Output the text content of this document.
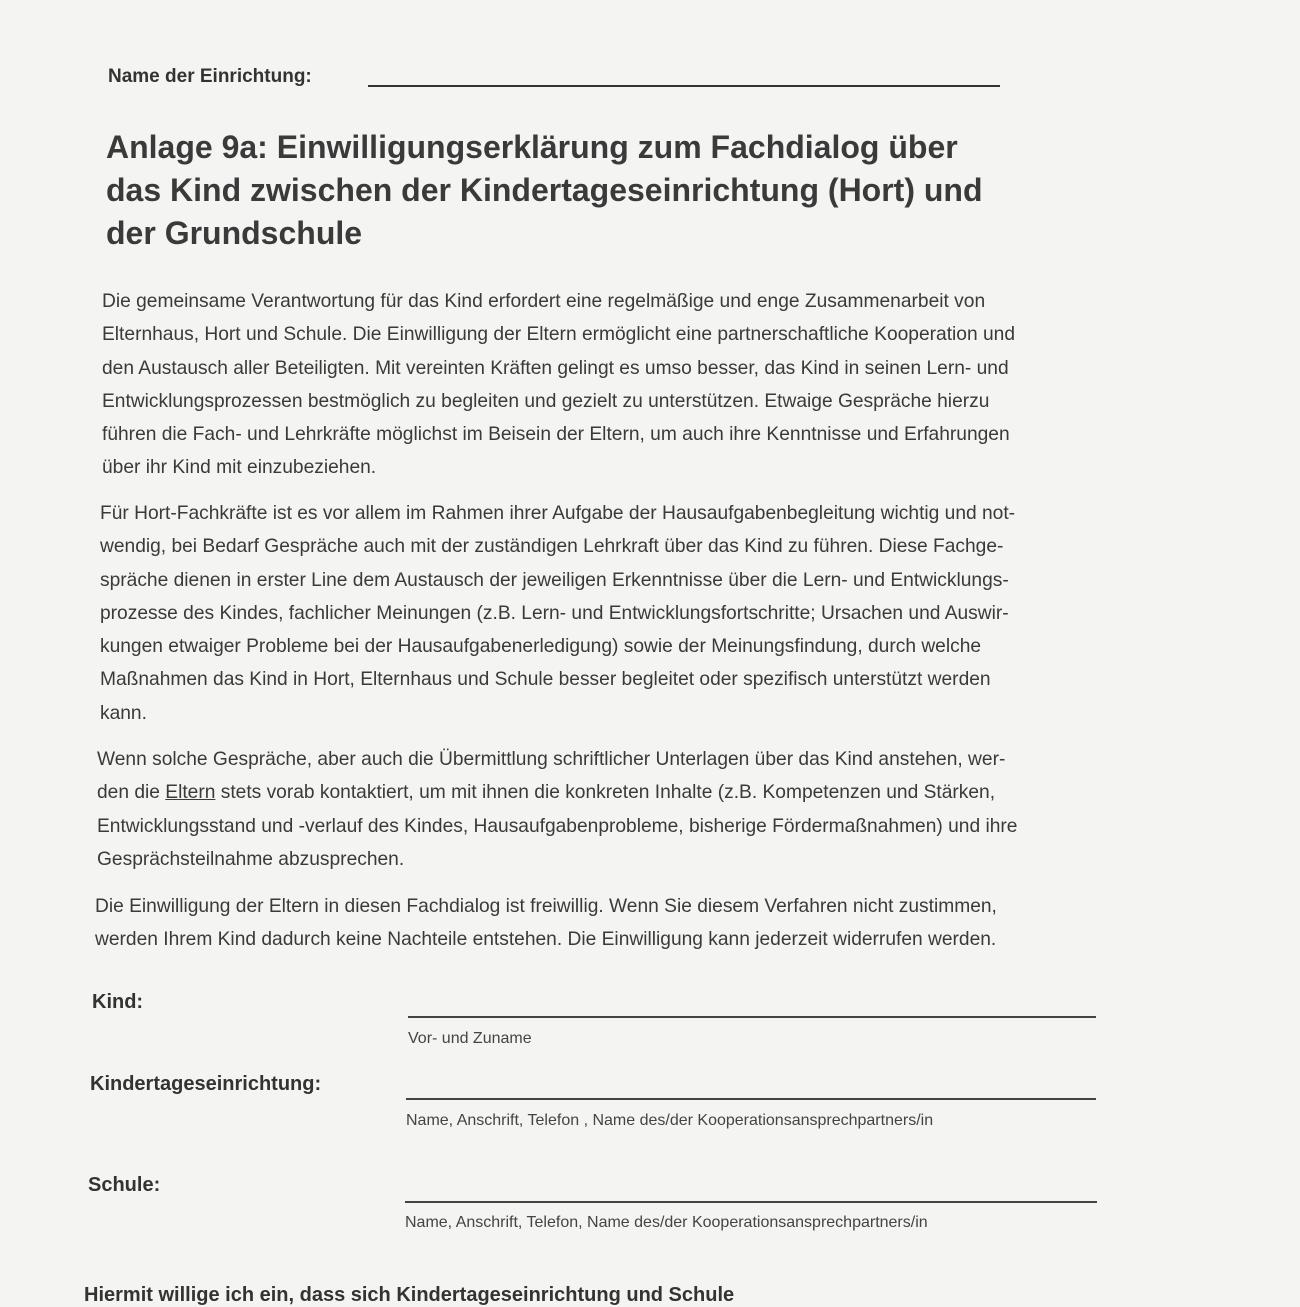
Name der Einrichtung:
Anlage 9a: Einwilligungserklärung zum Fachdialog über
das Kind zwischen der Kindertageseinrichtung (Hort) und
der Grundschule

Die gemeinsame Verantwortung für das Kind erfordert eine regelmäßige und enge Zusammenarbeit von
Elternhaus, Hort und Schule. Die Einwilligung der Eltern ermöglicht eine partnerschaftliche Kooperation und
den Austausch aller Beteiligten. Mit vereinten Kräften gelingt es umso besser, das Kind in seinen Lern- und
Entwicklungsprozessen bestmöglich zu begleiten und gezielt zu unterstützen. Etwaige Gespräche hierzu
führen die Fach- und Lehrkräfte möglichst im Beisein der Eltern, um auch ihre Kenntnisse und Erfahrungen
über ihr Kind mit einzubeziehen.

Für Hort-Fachkräfte ist es vor allem im Rahmen ihrer Aufgabe der Hausaufgabenbegleitung wichtig und not-
wendig, bei Bedarf Gespräche auch mit der zuständigen Lehrkraft über das Kind zu führen. Diese Fachge-
spräche dienen in erster Line dem Austausch der jeweiligen Erkenntnisse über die Lern- und Entwicklungs-
prozesse des Kindes, fachlicher Meinungen (z.B. Lern- und Entwicklungsfortschritte; Ursachen und Auswir-
kungen etwaiger Probleme bei der Hausaufgabenerledigung) sowie der Meinungsfindung, durch welche
Maßnahmen das Kind in Hort, Elternhaus und Schule besser begleitet oder spezifisch unterstützt werden
kann.

Wenn solche Gespräche, aber auch die Übermittlung schriftlicher Unterlagen über das Kind anstehen, wer-
den die Eltern stets vorab kontaktiert, um mit ihnen die konkreten Inhalte (z.B. Kompetenzen und Stärken,
Entwicklungsstand und -verlauf des Kindes, Hausaufgabenprobleme, bisherige Fördermaßnahmen) und ihre
Gesprächsteilnahme abzusprechen.

Die Einwilligung der Eltern in diesen Fachdialog ist freiwillig. Wenn Sie diesem Verfahren nicht zustimmen,
werden Ihrem Kind dadurch keine Nachteile entstehen. Die Einwilligung kann jederzeit widerrufen werden.

Kind:
Vor- und Zuname
Kindertageseinrichtung:
Name, Anschrift, Telefon , Name des/der Kooperationsansprechpartners/in
Schule:
Name, Anschrift, Telefon, Name des/der Kooperationsansprechpartners/in
Hiermit willige ich ein, dass sich Kindertageseinrichtung und Schule
